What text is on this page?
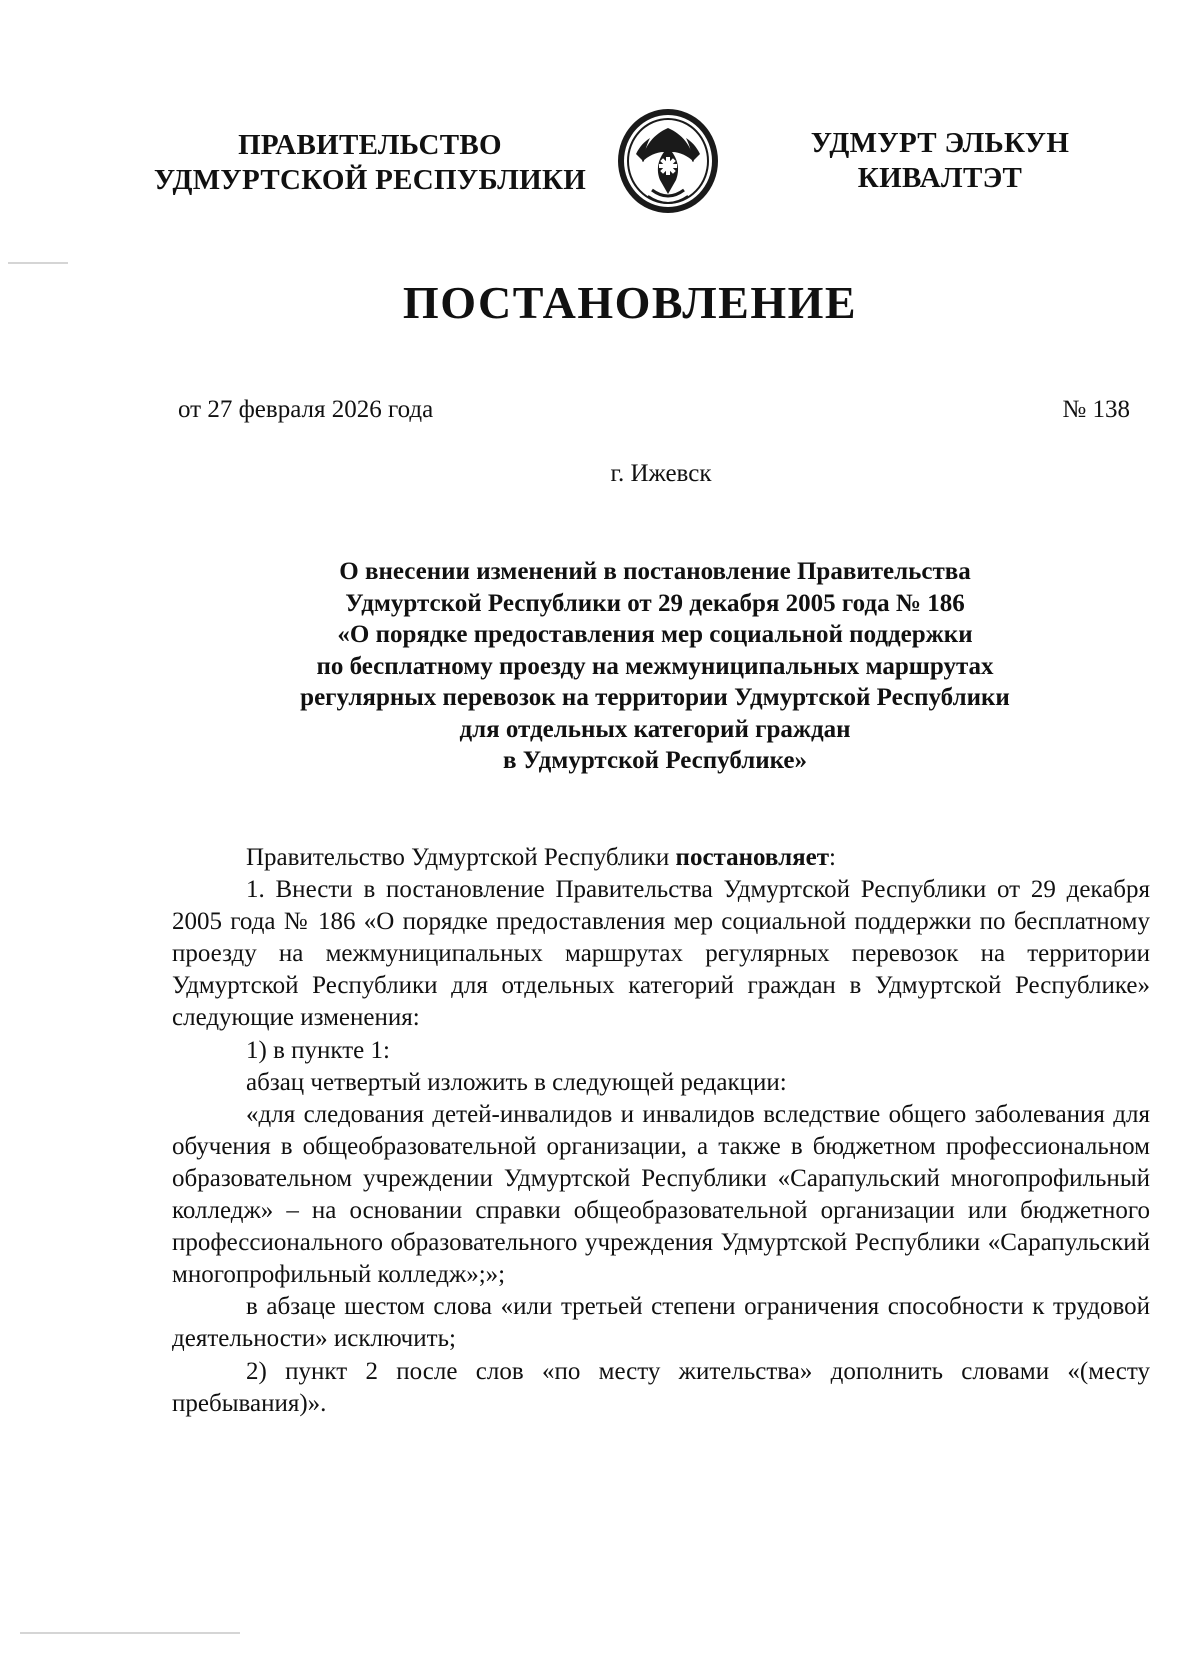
ПРАВИТЕЛЬСТВО
УДМУРТСКОЙ РЕСПУБЛИКИ
УДМУРТ ЭЛЬКУН
КИВАЛТЭТ
ПОСТАНОВЛЕНИЕ
от 27 февраля 2026 года	№ 138
г. Ижевск
О внесении изменений в постановление Правительства
Удмуртской Республики от 29 декабря 2005 года № 186
«О порядке предоставления мер социальной поддержки
по бесплатному проезду на межмуниципальных маршрутах
регулярных перевозок на территории Удмуртской Республики
для отдельных категорий граждан
в Удмуртской Республике»

Правительство Удмуртской Республики постановляет:

1. Внести в постановление Правительства Удмуртской Республики от 29 декабря 2005 года № 186 «О порядке предоставления мер социальной поддержки по бесплатному проезду на межмуниципальных маршрутах регулярных перевозок на территории Удмуртской Республики для отдельных категорий граждан в Удмуртской Республике» следующие изменения:

1) в пункте 1:

абзац четвертый изложить в следующей редакции:

«для следования детей-инвалидов и инвалидов вследствие общего заболевания для обучения в общеобразовательной организации, а также в бюджетном профессиональном образовательном учреждении Удмуртской Республики «Сарапульский многопрофильный колледж» – на основании справки общеобразовательной организации или бюджетного профессионального образовательного учреждения Удмуртской Республики «Сарапульский многопрофильный колледж»;»;

в абзаце шестом слова «или третьей степени ограничения способности к трудовой деятельности» исключить;

2) пункт 2 после слов «по месту жительства» дополнить словами «(месту пребывания)».
